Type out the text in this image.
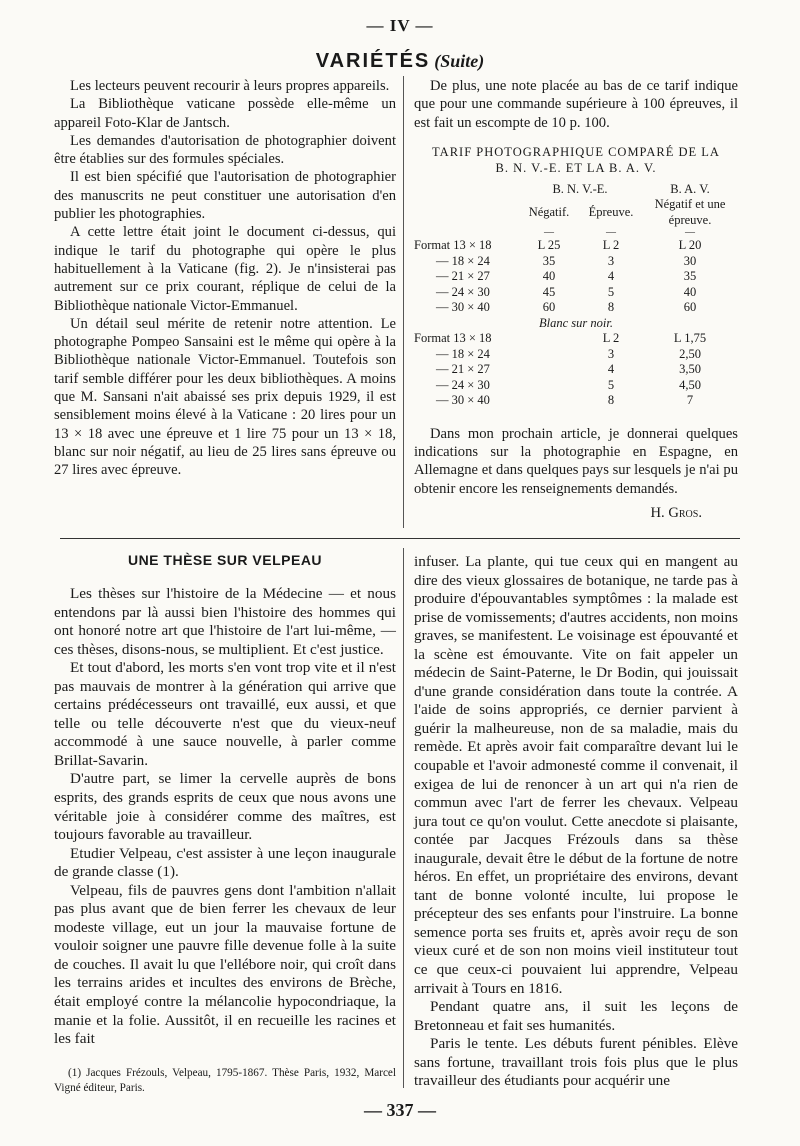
— IV —
VARIÉTÉS (Suite)

Les lecteurs peuvent recourir à leurs propres appareils.

La Bibliothèque vaticane possède elle-même un appareil Foto-Klar de Jantsch.

Les demandes d'autorisation de photographier doivent être établies sur des formules spéciales.

Il est bien spécifié que l'autorisation de photographier des manuscrits ne peut constituer une autorisation d'en publier les photographies.

A cette lettre était joint le document ci-dessus, qui indique le tarif du photographe qui opère le plus habituellement à la Vaticane (fig. 2). Je n'insisterai pas autrement sur ce prix courant, réplique de celui de la Bibliothèque nationale Victor-Emmanuel.

Un détail seul mérite de retenir notre attention. Le photographe Pompeo Sansaini est le même qui opère à la Bibliothèque nationale Victor-Emmanuel. Toutefois son tarif semble différer pour les deux bibliothèques. A moins que M. Sansani n'ait abaissé ses prix depuis 1929, il est sensiblement moins élevé à la Vaticane : 20 lires pour un 13 × 18 avec une épreuve et 1 lire 75 pour un 13 × 18, blanc sur noir négatif, au lieu de 25 lires sans épreuve ou 27 lires avec épreuve.

De plus, une note placée au bas de ce tarif indique que pour une commande supérieure à 100 épreuves, il est fait un escompte de 10 p. 100.

TARIF PHOTOGRAPHIQUE COMPARÉ DE LA
B. N. V.-E. ET LA B. A. V.
	B. N. V.-E.		B. A. V.
	Négatif.	Épreuve.	Négatif et une épreuve.
	—	—	—
Format 13 × 18	L 25	L 2	L 20
— 18 × 24	35	3	30
— 21 × 27	40	4	35
— 24 × 30	45	5	40
— 30 × 40	60	8	60
Blanc sur noir.			
Format 13 × 18		L 2	L 1,75
— 18 × 24		3	2,50
— 21 × 27		4	3,50
— 24 × 30		5	4,50
— 30 × 40		8	7

Dans mon prochain article, je donnerai quelques indications sur la photographie en Espagne, en Allemagne et dans quelques pays sur lesquels je n'ai pu obtenir encore les renseignements demandés.

H. Gros.
UNE THÈSE SUR VELPEAU

Les thèses sur l'histoire de la Médecine — et nous entendons par là aussi bien l'histoire des hommes qui ont honoré notre art que l'histoire de l'art lui-même, — ces thèses, disons-nous, se multiplient. Et c'est justice.

Et tout d'abord, les morts s'en vont trop vite et il n'est pas mauvais de montrer à la génération qui arrive que certains prédécesseurs ont travaillé, eux aussi, et que telle ou telle découverte n'est que du vieux-neuf accommodé à une sauce nouvelle, à parler comme Brillat-Savarin.

D'autre part, se limer la cervelle auprès de bons esprits, des grands esprits de ceux que nous avons une véritable joie à considérer comme des maîtres, est toujours favorable au travailleur.

Etudier Velpeau, c'est assister à une leçon inaugurale de grande classe (1).

Velpeau, fils de pauvres gens dont l'ambition n'allait pas plus avant que de bien ferrer les chevaux de leur modeste village, eut un jour la mauvaise fortune de vouloir soigner une pauvre fille devenue folle à la suite de couches. Il avait lu que l'ellébore noir, qui croît dans les terrains arides et incultes des environs de Brèche, était employé contre la mélancolie hypocondriaque, la manie et la folie. Aussitôt, il en recueille les racines et les fait

(1) Jacques Frézouls, Velpeau, 1795-1867. Thèse Paris, 1932, Marcel Vigné éditeur, Paris.

infuser. La plante, qui tue ceux qui en mangent au dire des vieux glossaires de botanique, ne tarde pas à produire d'épouvantables symptômes : la malade est prise de vomissements; d'autres accidents, non moins graves, se manifestent. Le voisinage est épouvanté et la scène est émouvante. Vite on fait appeler un médecin de Saint-Paterne, le Dr Bodin, qui jouissait d'une grande considération dans toute la contrée. A l'aide de soins appropriés, ce dernier parvient à guérir la malheureuse, non de sa maladie, mais du remède. Et après avoir fait comparaître devant lui le coupable et l'avoir admonesté comme il convenait, il exigea de lui de renoncer à un art qui n'a rien de commun avec l'art de ferrer les chevaux. Velpeau jura tout ce qu'on voulut. Cette anecdote si plaisante, contée par Jacques Frézouls dans sa thèse inaugurale, devait être le début de la fortune de notre héros. En effet, un propriétaire des environs, devant tant de bonne volonté inculte, lui propose le précepteur des ses enfants pour l'instruire. La bonne semence porta ses fruits et, après avoir reçu de son vieux curé et de son non moins vieil instituteur tout ce que ceux-ci pouvaient lui apprendre, Velpeau arrivait à Tours en 1816.

Pendant quatre ans, il suit les leçons de Bretonneau et fait ses humanités.

Paris le tente. Les débuts furent pénibles. Elève sans fortune, travaillant trois fois plus que le plus travailleur des étudiants pour acquérir une

— 337 —
